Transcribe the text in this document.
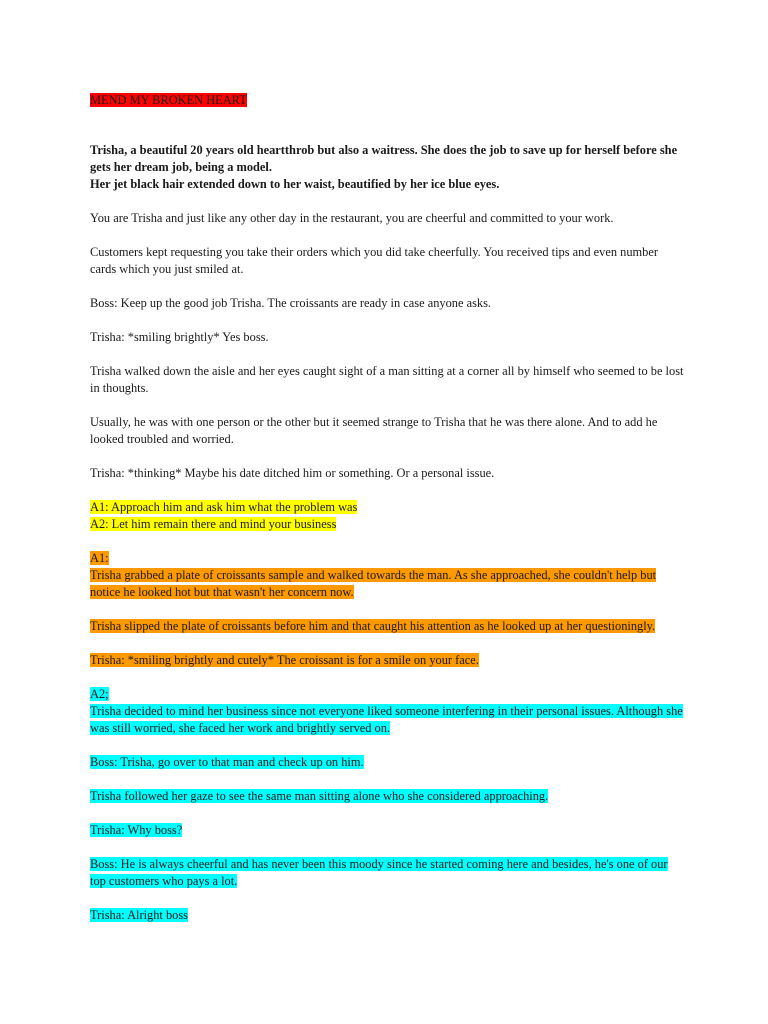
MEND MY BROKEN HEART

Trisha, a beautiful 20 years old heartthrob but also a waitress. She does the job to save up for herself before she gets her dream job, being a model.
Her jet black hair extended down to her waist, beautified by her ice blue eyes.

You are Trisha and just like any other day in the restaurant, you are cheerful and committed to your work.

Customers kept requesting you take their orders which you did take cheerfully. You received tips and even number cards which you just smiled at.

Boss: Keep up the good job Trisha. The croissants are ready in case anyone asks.

Trisha: *smiling brightly* Yes boss.

Trisha walked down the aisle and her eyes caught sight of a man sitting at a corner all by himself who seemed to be lost in thoughts.

Usually, he was with one person or the other but it seemed strange to Trisha that he was there alone. And to add he looked troubled and worried.

Trisha: *thinking* Maybe his date ditched him or something. Or a personal issue.

A1: Approach him and ask him what the problem was
A2: Let him remain there and mind your business
A1:
Trisha grabbed a plate of croissants sample and walked towards the man. As she approached, she couldn't help but notice he looked hot but that wasn't her concern now.

Trisha slipped the plate of croissants before him and that caught his attention as he looked up at her questioningly.

Trisha: *smiling brightly and cutely* The croissant is for a smile on your face.

A2;
Trisha decided to mind her business since not everyone liked someone interfering in their personal issues. Although she was still worried, she faced her work and brightly served on.

Boss: Trisha, go over to that man and check up on him.

Trisha followed her gaze to see the same man sitting alone who she considered approaching.

Trisha: Why boss?

Boss: He is always cheerful and has never been this moody since he started coming here and besides, he's one of our top customers who pays a lot.

Trisha: Alright boss
